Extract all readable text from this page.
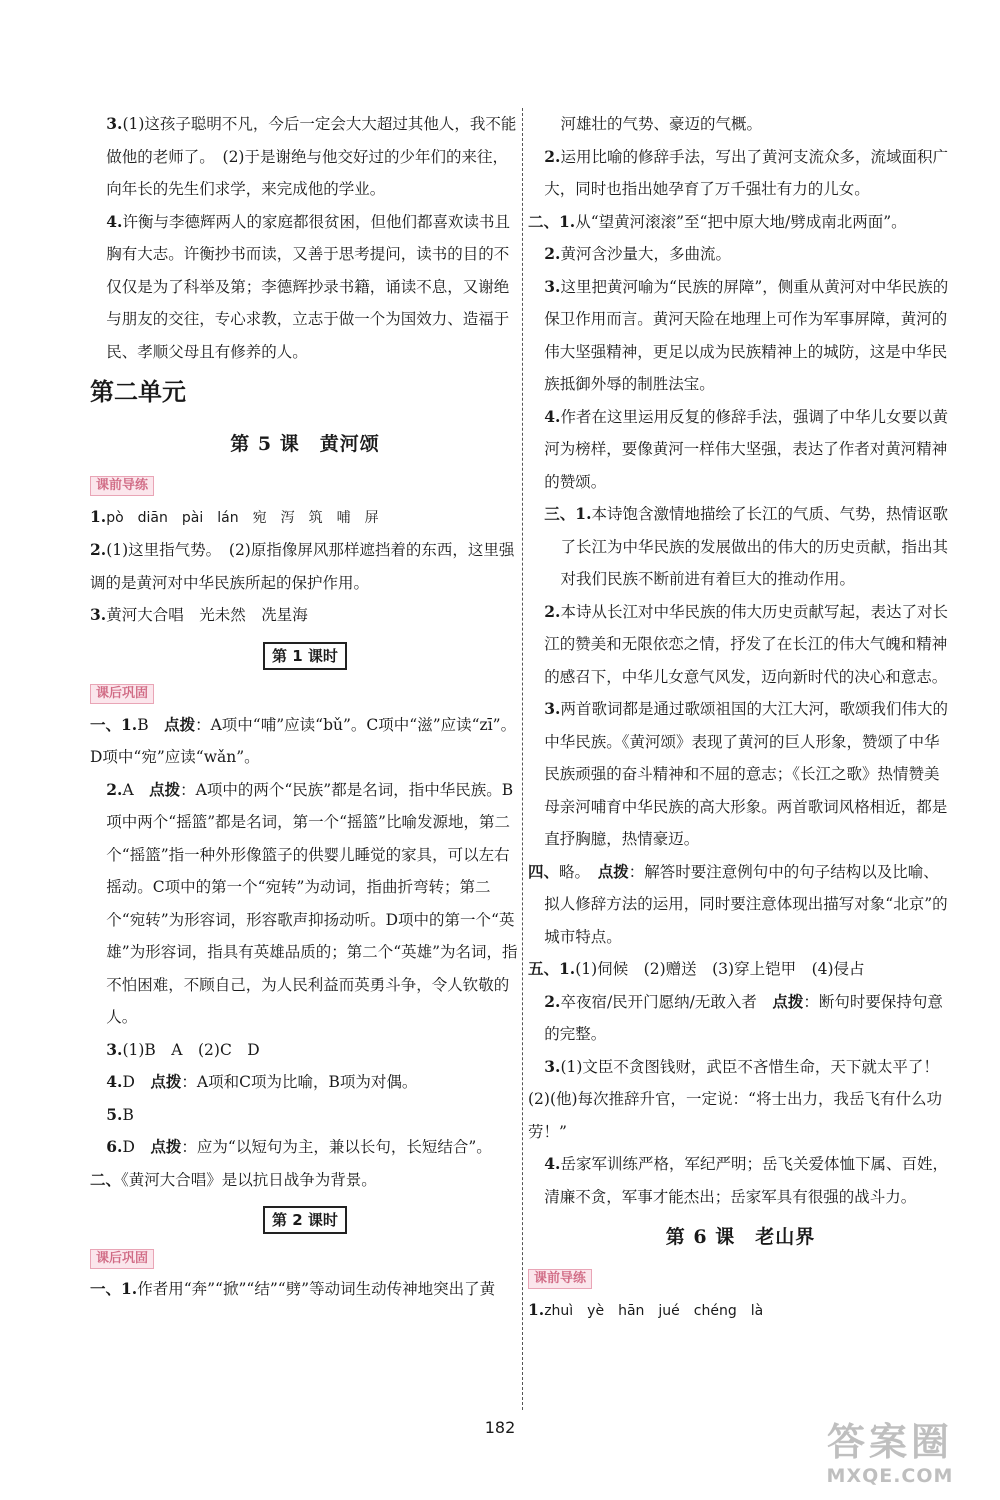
3.(1)这孩子聪明不凡，今后一定会大大超过其他人，我不能做他的老师了。　(2)于是谢绝与他交好过的少年们的来往，向年长的先生们求学，来完成他的学业。

4.许衡与李德辉两人的家庭都很贫困，但他们都喜欢读书且胸有大志。许衡抄书而读，又善于思考提问，读书的目的不仅仅是为了科举及第；李德辉抄录书籍，诵读不息，又谢绝与朋友的交往，专心求教，立志于做一个为国效力、造福于民、孝顺父母且有修养的人。

第二单元
第 5 课　黄河颂
课前导练

1.pò　diān　pài　lán　宛　泻　筑　哺　屏

2.(1)这里指气势。　(2)原指像屏风那样遮挡着的东西，这里强调的是黄河对中华民族所起的保护作用。

3.黄河大合唱　光未然　冼星海

第 1 课时
课后巩固

一、1.B　点拨：A项中“哺”应读“bǔ”。C项中“滋”应读“zī”。D项中“宛”应读“wǎn”。

2.A　点拨：A项中的两个“民族”都是名词，指中华民族。B项中两个“摇篮”都是名词，第一个“摇篮”比喻发源地，第二个“摇篮”指一种外形像篮子的供婴儿睡觉的家具，可以左右摇动。C项中的第一个“宛转”为动词，指曲折弯转；第二个“宛转”为形容词，形容歌声抑扬动听。D项中的第一个“英雄”为形容词，指具有英雄品质的；第二个“英雄”为名词，指不怕困难，不顾自己，为人民利益而英勇斗争，令人钦敬的人。

3.(1)B　A　(2)C　D

4.D　点拨：A项和C项为比喻，B项为对偶。

5.B

6.D　点拨：应为“以短句为主，兼以长句，长短结合”。

二、《黄河大合唱》是以抗日战争为背景。

第 2 课时
课后巩固

一、1.作者用“奔”“掀”“结”“劈”等动词生动传神地突出了黄

河雄壮的气势、豪迈的气概。

2.运用比喻的修辞手法，写出了黄河支流众多，流域面积广大，同时也指出她孕育了万千强壮有力的儿女。

二、1.从“望黄河滚滚”至“把中原大地/劈成南北两面”。

2.黄河含沙量大，多曲流。

3.这里把黄河喻为“民族的屏障”，侧重从黄河对中华民族的保卫作用而言。黄河天险在地理上可作为军事屏障，黄河的伟大坚强精神，更足以成为民族精神上的城防，这是中华民族抵御外辱的制胜法宝。

4.作者在这里运用反复的修辞手法，强调了中华儿女要以黄河为榜样，要像黄河一样伟大坚强，表达了作者对黄河精神的赞颂。

三、1.本诗饱含激情地描绘了长江的气质、气势，热情讴歌了长江为中华民族的发展做出的伟大的历史贡献，指出其对我们民族不断前进有着巨大的推动作用。

2.本诗从长江对中华民族的伟大历史贡献写起，表达了对长江的赞美和无限依恋之情，抒发了在长江的伟大气魄和精神的感召下，中华儿女意气风发，迈向新时代的决心和意志。

3.两首歌词都是通过歌颂祖国的大江大河，歌颂我们伟大的中华民族。《黄河颂》表现了黄河的巨人形象，赞颂了中华民族顽强的奋斗精神和不屈的意志；《长江之歌》热情赞美母亲河哺育中华民族的高大形象。两首歌词风格相近，都是直抒胸臆，热情豪迈。

四、略。　点拨：解答时要注意例句中的句子结构以及比喻、拟人修辞方法的运用，同时要注意体现出描写对象“北京”的城市特点。

五、1.(1)伺候　(2)赠送　(3)穿上铠甲　(4)侵占

2.卒夜宿/民开门愿纳/无敢入者　点拨：断句时要保持句意的完整。

3.(1)文臣不贪图钱财，武臣不吝惜生命，天下就太平了！

(2)(他)每次推辞升官，一定说：“将士出力，我岳飞有什么功劳！”

4.岳家军训练严格，军纪严明；岳飞关爱体恤下属、百姓，清廉不贪，军事才能杰出；岳家军具有很强的战斗力。

第 6 课　老山界
课前导练

1.zhuì　yè　hān　jué　chéng　là

182	答案圈
MXQE.COM
